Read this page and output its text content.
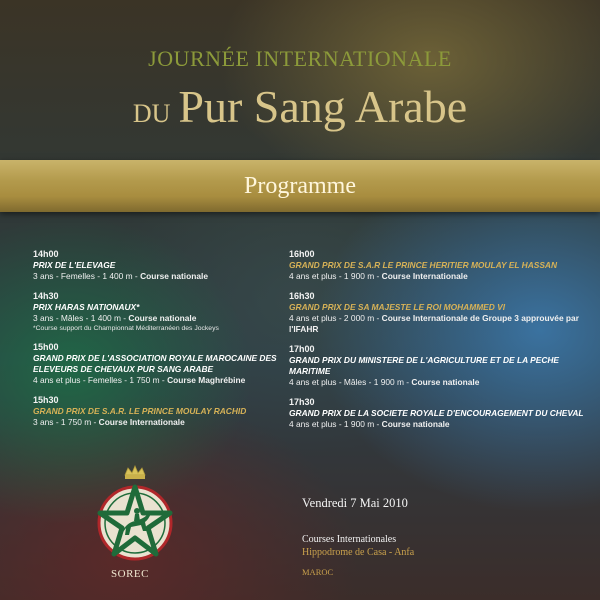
JOURNÉE INTERNATIONALE
DU Pur Sang Arabe
Programme
14h00
PRIX DE L'ELEVAGE
3 ans - Femelles - 1 400 m - Course nationale
14h30
PRIX HARAS NATIONAUX*
3 ans - Mâles - 1 400 m - Course nationale
*Course support du Championnat Méditerranéen des Jockeys
15h00
GRAND PRIX DE L'ASSOCIATION ROYALE MAROCAINE DES ELEVEURS DE CHEVAUX PUR SANG ARABE
4 ans et plus - Femelles - 1 750 m - Course Maghrébine
15h30
GRAND PRIX DE S.A.R. LE PRINCE MOULAY RACHID
3 ans - 1 750 m - Course Internationale
16h00
GRAND PRIX DE S.A.R LE PRINCE HERITIER MOULAY EL HASSAN
4 ans et plus - 1 900 m - Course Internationale
16h30
GRAND PRIX DE SA MAJESTE LE ROI MOHAMMED VI
4 ans et plus - 2 000 m - Course Internationale de Groupe 3 approuvée par l'IFAHR
17h00
GRAND PRIX DU MINISTERE DE L'AGRICULTURE ET DE LA PECHE MARITIME
4 ans et plus - Mâles - 1 900 m - Course nationale
17h30
GRAND PRIX DE LA SOCIETE ROYALE D'ENCOURAGEMENT DU CHEVAL
4 ans et plus - 1 900 m - Course nationale
SOREC
Vendredi 7 Mai 2010
Courses Internationales
Hippodrome de Casa - Anfa
MAROC
